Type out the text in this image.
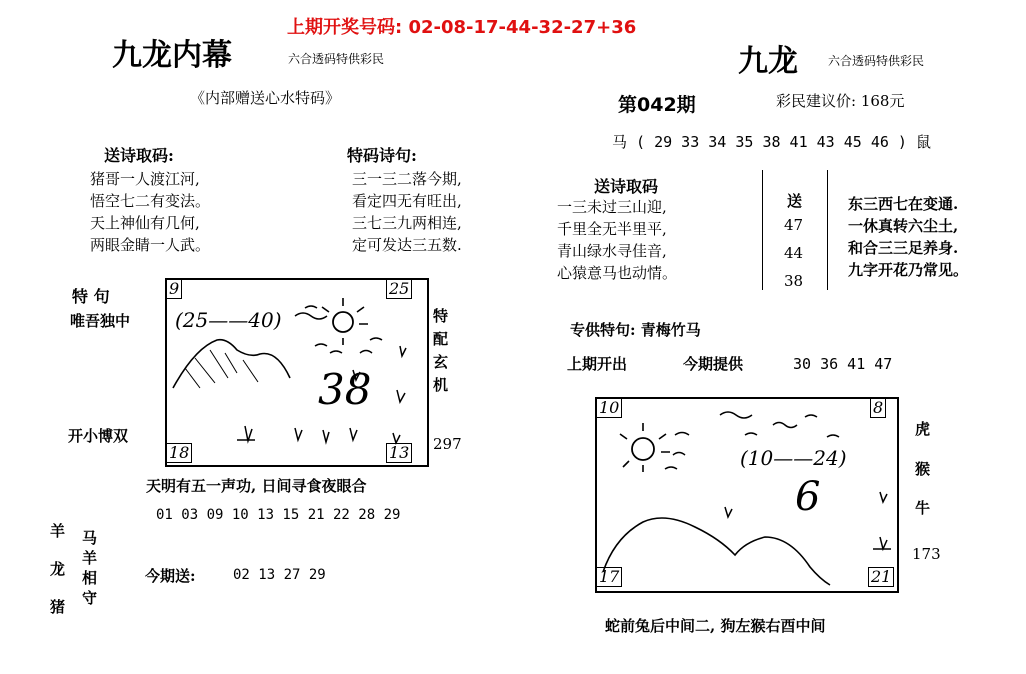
上期开奖号码: 02-08-17-44-32-27+36
九龙内幕	六合透码特供彩民
《内部赠送心水特码》
送诗取码:
猪哥一人渡江河,
悟空七二有变法。
天上神仙有几何,
两眼金睛一人武。
特码诗句:
三一三二落今期,
看定四无有旺出,
三七三九两相连,
定可发达三五数.
特 句
唯吾独中
开小博双
9	25
18	13
(25——40)
38
特配玄机
297
天明有五一声功, 日间寻食夜眼合
01 03 09 10 13 15 21 22 28 29
羊
龙
猪
马羊相守
今期送:	02 13 27 29
九龙	六合透码特供彩民
第042期	彩民建议价: 168元
马 ( 29 33 34 35 38 41 43 45 46 ) 鼠
送诗取码
一三未过三山迎,
千里全无半里平,
青山绿水寻佳音,
心猿意马也动情。
送
47
44
38
东三西七在变通.
一休真转六尘土,
和合三三足养身.
九字开花乃常见。
专供特句: 青梅竹马
上期开出	今期提供	30 36 41 47
10	8
17	21
(10——24)
6
虎
猴
牛
173
蛇前兔后中间二, 狗左猴右酉中间
